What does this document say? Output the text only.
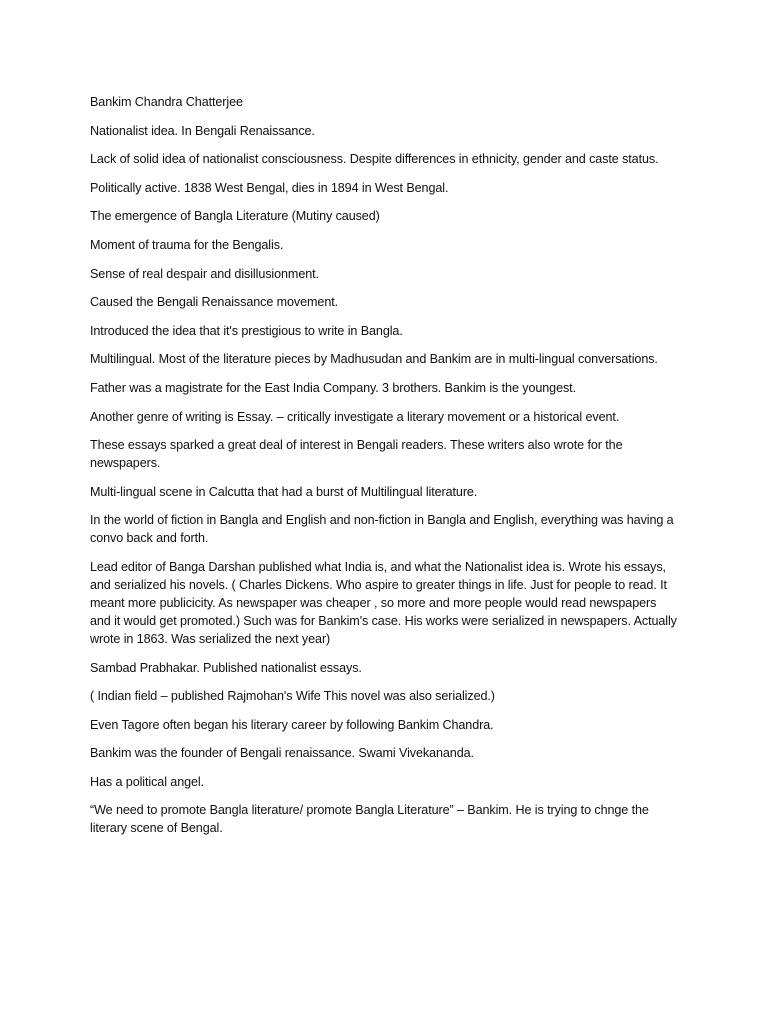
Bankim Chandra Chatterjee

Nationalist idea. In Bengali Renaissance.

Lack of solid idea of nationalist consciousness. Despite differences in ethnicity, gender and caste status.

Politically active. 1838 West Bengal, dies in 1894 in West Bengal.

The emergence of Bangla Literature (Mutiny caused)

Moment of trauma for the Bengalis.

Sense of real despair and disillusionment.

Caused the Bengali Renaissance movement.

Introduced the idea that it's prestigious to write in Bangla.

Multilingual. Most of the literature pieces by Madhusudan and Bankim are in multi-lingual conversations.

Father was a magistrate for the East India Company. 3 brothers. Bankim is the youngest.

Another genre of writing is Essay. – critically investigate a literary movement or a historical event.

These essays sparked a great deal of interest in Bengali readers. These writers also wrote for the newspapers.

Multi-lingual scene in Calcutta that had a burst of Multilingual literature.

In the world of fiction in Bangla and English and non-fiction in Bangla and English, everything was having a convo back and forth.

Lead editor of Banga Darshan published what India is, and what the Nationalist idea is. Wrote his essays, and serialized his novels. ( Charles Dickens. Who aspire to greater things in life. Just for people to read. It meant more publicicity. As newspaper was cheaper , so more and more people would read newspapers and it would get promoted.) Such was for Bankim's case. His works were serialized in newspapers. Actually wrote in 1863. Was serialized the next year)

Sambad Prabhakar. Published nationalist essays.

( Indian field – published Rajmohan's Wife This novel was also serialized.)

Even Tagore often began his literary career by following Bankim Chandra.

Bankim was the founder of Bengali renaissance. Swami Vivekananda.

Has a political angel.

“We need to promote Bangla literature/ promote Bangla Literature” – Bankim. He is trying to chnge the literary scene of Bengal.
